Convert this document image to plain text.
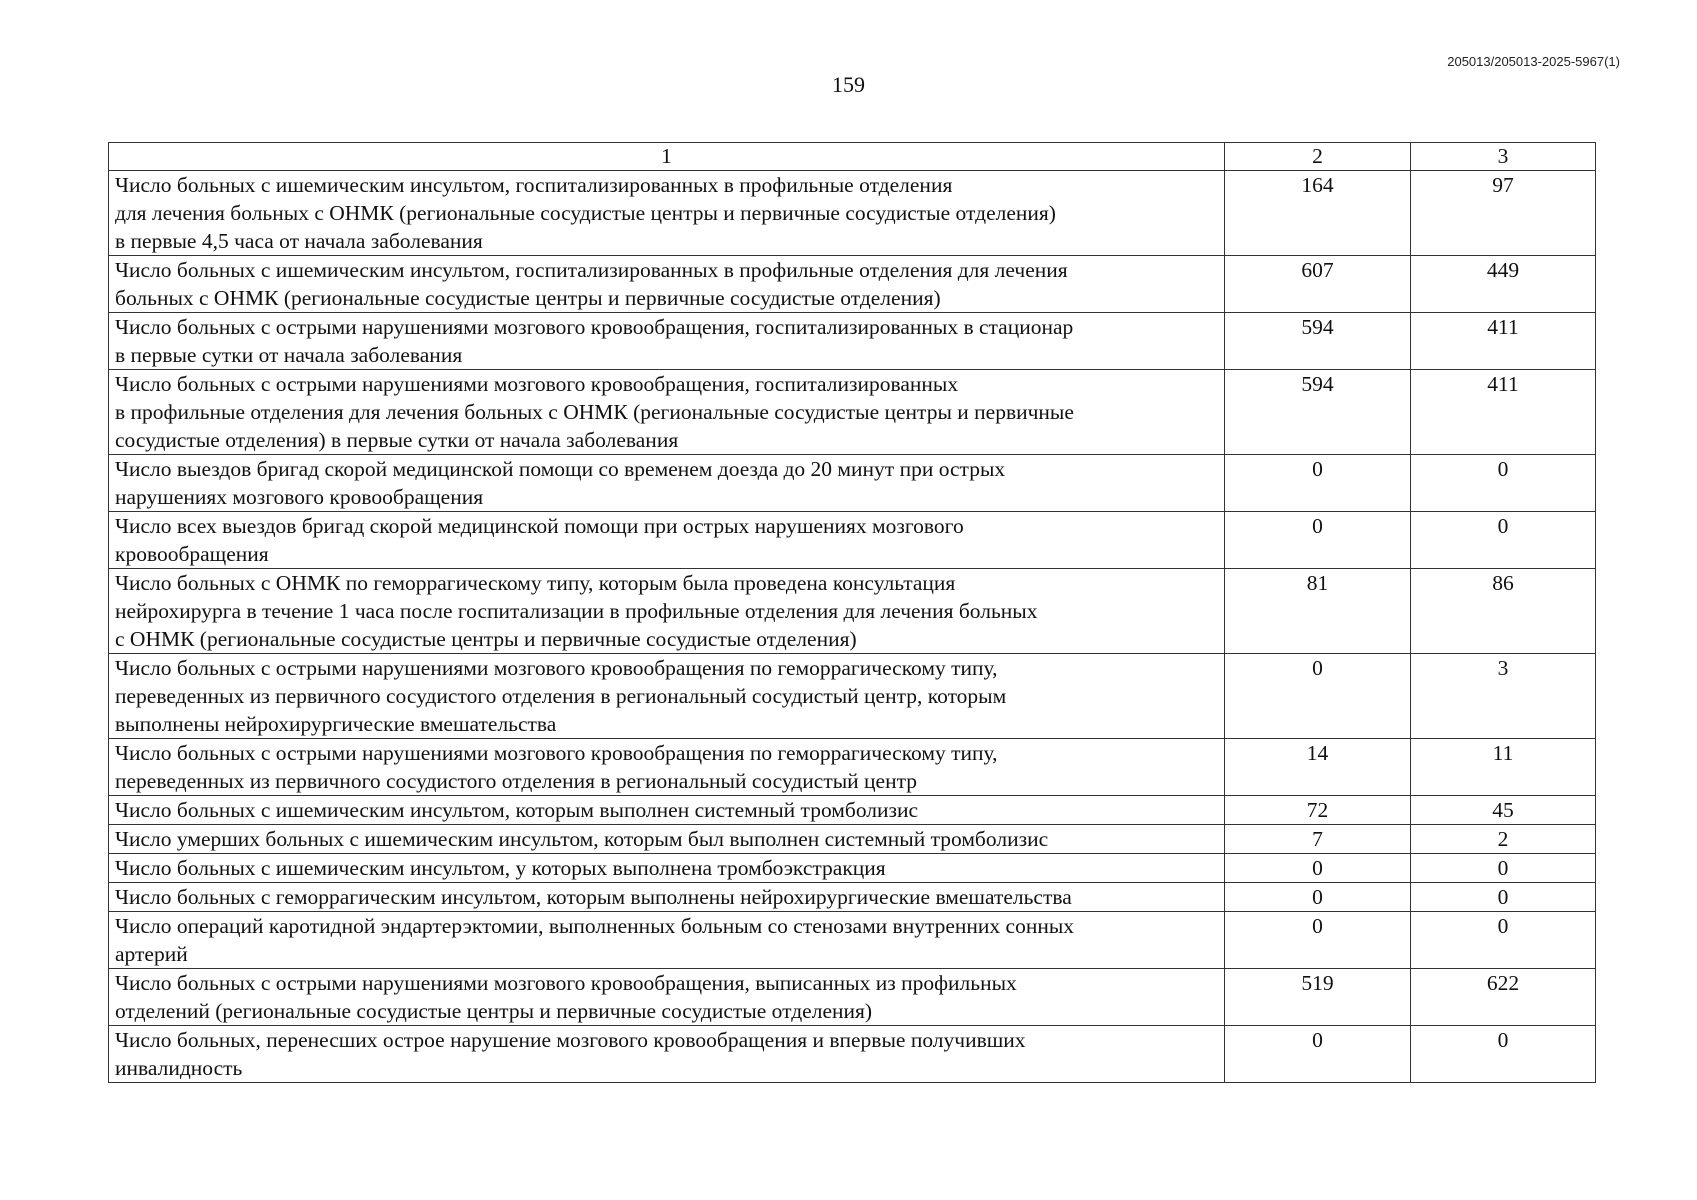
205013/205013-2025-5967(1)
159
1	2	3
Число больных с ишемическим инсультом, госпитализированных в профильные отделения
для лечения больных с ОНМК (региональные сосудистые центры и первичные сосудистые отделения)
в первые 4,5 часа от начала заболевания	164	97
Число больных с ишемическим инсультом, госпитализированных в профильные отделения для лечения
больных с ОНМК (региональные сосудистые центры и первичные сосудистые отделения)	607	449
Число больных с острыми нарушениями мозгового кровообращения, госпитализированных в стационар
в первые сутки от начала заболевания	594	411
Число больных с острыми нарушениями мозгового кровообращения, госпитализированных
в профильные отделения для лечения больных с ОНМК (региональные сосудистые центры и первичные
сосудистые отделения) в первые сутки от начала заболевания	594	411
Число выездов бригад скорой медицинской помощи со временем доезда до 20 минут при острых
нарушениях мозгового кровообращения	0	0
Число всех выездов бригад скорой медицинской помощи при острых нарушениях мозгового
кровообращения	0	0
Число больных с ОНМК по геморрагическому типу, которым была проведена консультация
нейрохирурга в течение 1 часа после госпитализации в профильные отделения для лечения больных
с ОНМК (региональные сосудистые центры и первичные сосудистые отделения)	81	86
Число больных с острыми нарушениями мозгового кровообращения по геморрагическому типу,
переведенных из первичного сосудистого отделения в региональный сосудистый центр, которым
выполнены нейрохирургические вмешательства	0	3
Число больных с острыми нарушениями мозгового кровообращения по геморрагическому типу,
переведенных из первичного сосудистого отделения в региональный сосудистый центр	14	11
Число больных с ишемическим инсультом, которым выполнен системный тромболизис	72	45
Число умерших больных с ишемическим инсультом, которым был выполнен системный тромболизис	7	2
Число больных с ишемическим инсультом, у которых выполнена тромбоэкстракция	0	0
Число больных с геморрагическим инсультом, которым выполнены нейрохирургические вмешательства	0	0
Число операций каротидной эндартерэктомии, выполненных больным со стенозами внутренних сонных
артерий	0	0
Число больных с острыми нарушениями мозгового кровообращения, выписанных из профильных
отделений (региональные сосудистые центры и первичные сосудистые отделения)	519	622
Число больных, перенесших острое нарушение мозгового кровообращения и впервые получивших
инвалидность	0	0
